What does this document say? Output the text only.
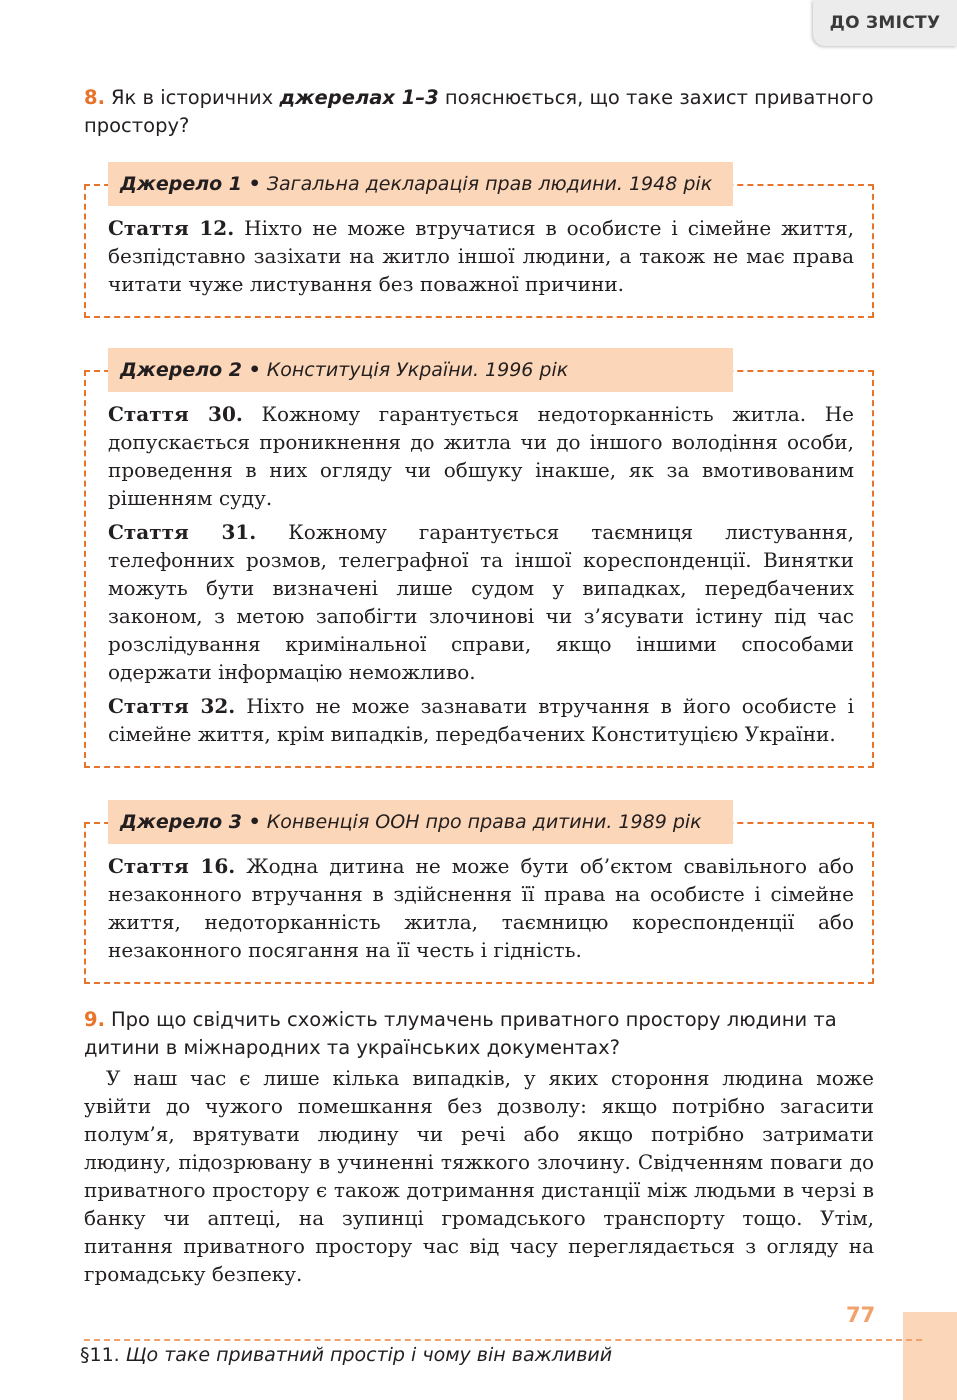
ДО ЗМІСТУ
8. Як в історичних джерелах 1–3 пояснюється, що таке захист приватного простору?

Стаття 12. Ніхто не може втручатися в особисте і сімейне життя, безпідставно зазіхати на житло іншої людини, а також не має права читати чуже листування без поважної причини.

Джерело 1 • Загальна декларація прав людини. 1948 рік

Стаття 30. Кожному гарантується недоторканність житла. Не допускається проникнення до житла чи до іншого володіння особи, проведення в них огляду чи обшуку інакше, як за вмотивованим рішенням суду.

Стаття 31. Кожному гарантується таємниця листування, телефонних розмов, телеграфної та іншої кореспонденції. Винятки можуть бути визначені лише судом у випадках, передбачених законом, з метою запобігти злочинові чи з’ясувати істину під час розслідування кримінальної справи, якщо іншими способами одержати інформацію неможливо.

Стаття 32. Ніхто не може зазнавати втручання в його особисте і сімейне життя, крім випадків, передбачених Конституцією України.

Джерело 2 • Конституція України. 1996 рік

Стаття 16. Жодна дитина не може бути об’єктом свавільного або незаконного втручання в здійснення її права на особисте і сімейне життя, недоторканність житла, таємницю кореспонденції або незаконного посягання на її честь і гідність.

Джерело 3 • Конвенція ООН про права дитини. 1989 рік
9. Про що свідчить схожість тлумачень приватного простору людини та дитини в міжнародних та українських документах?

У наш час є лише кілька випадків, у яких стороння людина може увійти до чужого помешкання без дозволу: якщо потрібно загасити полум’я, врятувати людину чи речі або якщо потрібно затримати людину, підозрювану в учиненні тяжкого злочину. Свідченням поваги до приватного простору є також дотримання дистанції між людьми в черзі в банку чи аптеці, на зупинці громадського транспорту тощо. Утім, питання приватного простору час від часу переглядається з огляду на громадську безпеку.

77
§11. Що таке приватний простір і чому він важливий
